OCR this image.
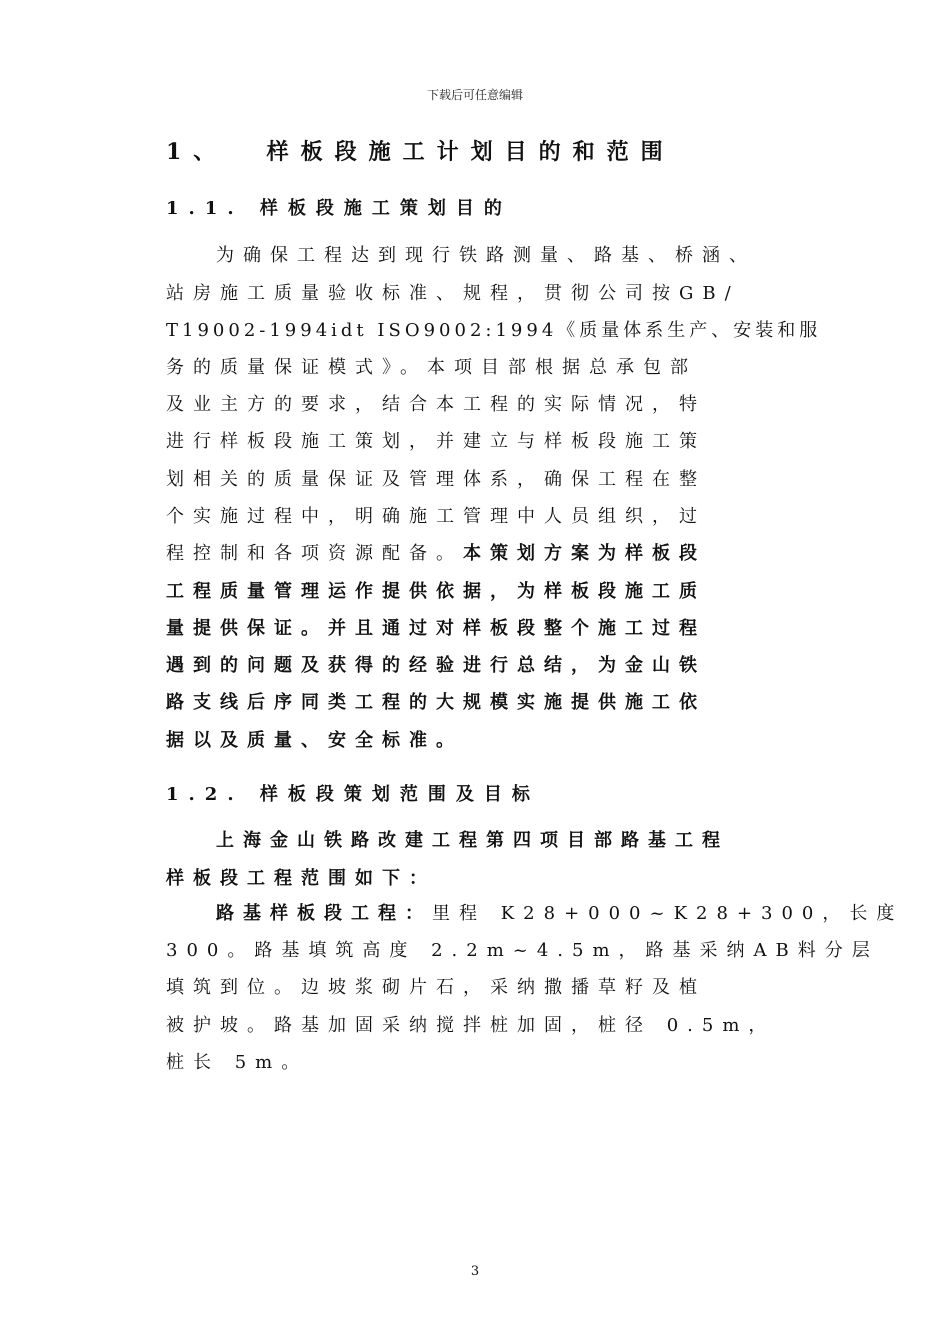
下载后可任意编辑
1、  样板段施工计划目的和范围
1.1. 样板段施工策划目的
为确保工程达到现行铁路测量、路基、桥涵、
站房施工质量验收标准、规程，贯彻公司按GB/
T19002-1994idt ISO9002:1994《质量体系生产、安装和服
务的质量保证模式》。本项目部根据总承包部
及业主方的要求，结合本工程的实际情况，特
进行样板段施工策划，并建立与样板段施工策
划相关的质量保证及管理体系，确保工程在整
个实施过程中，明确施工管理中人员组织，过
程控制和各项资源配备。本策划方案为样板段
工程质量管理运作提供依据，为样板段施工质
量提供保证。并且通过对样板段整个施工过程
遇到的问题及获得的经验进行总结，为金山铁
路支线后序同类工程的大规模实施提供施工依
据以及质量、安全标准。
1.2. 样板段策划范围及目标
上海金山铁路改建工程第四项目部路基工程
样板段工程范围如下：
路基样板段工程：里程 K28+000~K28+300，长度
300。路基填筑高度 2.2m~4.5m，路基采纳AB料分层
填筑到位。边坡浆砌片石，采纳撒播草籽及植
被护坡。路基加固采纳搅拌桩加固，桩径 0.5m，
桩长 5m。
3
